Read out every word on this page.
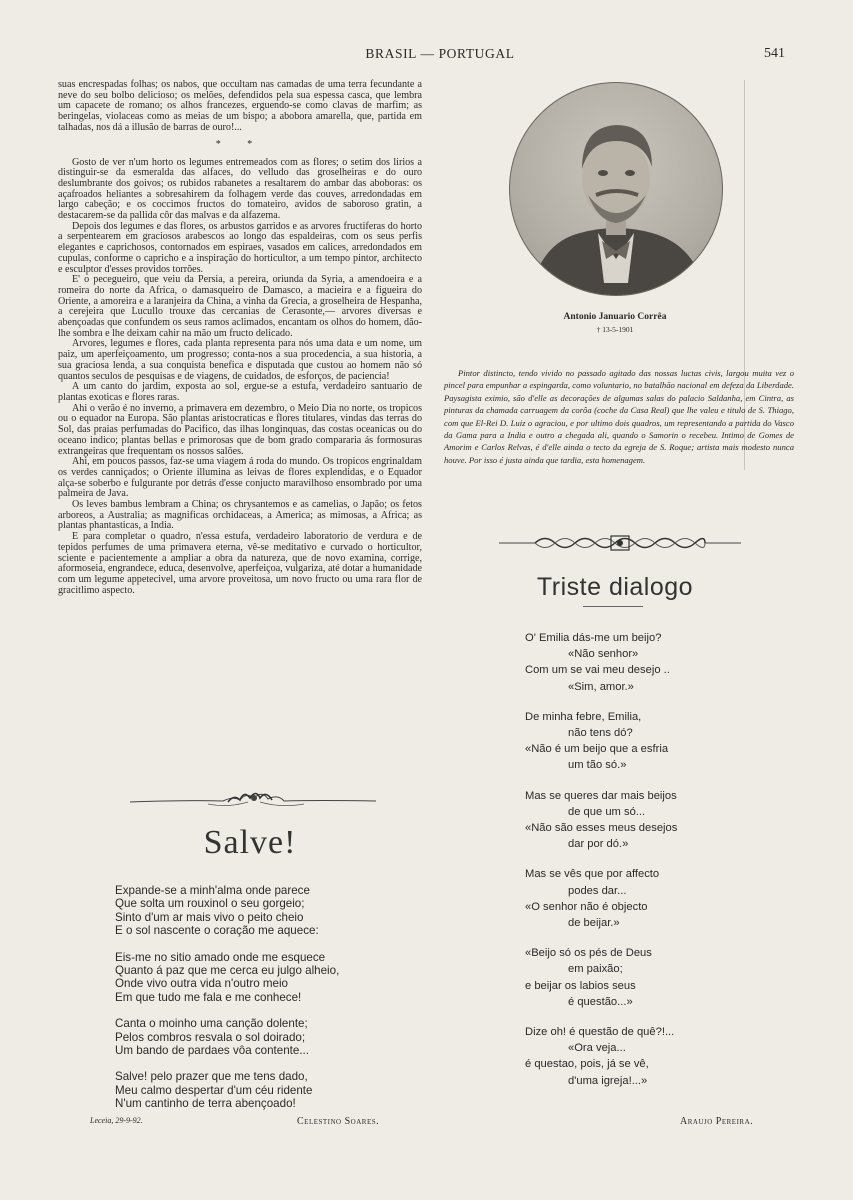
BRASIL — PORTUGAL	541

suas encrespadas folhas; os nabos, que occultam nas camadas de uma terra fecundante a neve do seu bolbo delicioso; os melões, defendidos pela sua espessa casca, que lembra um capacete de romano; os alhos francezes, erguendo-se como clavas de marfim; as beringelas, violaceas como as meias de um bispo; a abobora amarella, que, partida em talhadas, nos dá a illusão de barras de ouro!...

* *

Gosto de ver n'um horto os legumes entremeados com as flores; o setim dos lirios a distinguir-se da esmeralda das alfaces, do velludo das groselheiras e do ouro deslumbrante dos goivos; os rubidos rabanetes a resaltarem do ambar das aboboras: os açafroados heliantes a sobresahirem da folhagem verde das couves, arredondadas em largo cabeção; e os coccimos fructos do tomateiro, avidos de saboroso gratin, a destacarem-se da pallida côr das malvas e da alfazema.

Depois dos legumes e das flores, os arbustos garridos e as arvores fructiferas do horto a serpentearem em graciosos arabescos ao longo das espaldeiras, com os seus perfis elegantes e caprichosos, contornados em espiraes, vasados em calices, arredondados em cupulas, conforme o capricho e a inspiração do horticultor, a um tempo pintor, architecto e esculptor d'esses providos torrões.

E' o pecegueiro, que veiu da Persia, a pereira, oriunda da Syria, a amendoeira e a romeira do norte da Africa, o damasqueiro de Damasco, a macieira e a figueira do Oriente, a amoreira e a laranjeira da China, a vinha da Grecia, a groselheira de Hespanha, a cerejeira que Lucullo trouxe das cercanias de Cerasonte,— arvores diversas e abençoadas que confundem os seus ramos aclimados, encantam os olhos do homem, dão-lhe sombra e lhe deixam cahir na mão um fructo delicado.

Arvores, legumes e flores, cada planta representa para nós uma data e um nome, um paiz, um aperfeiçoamento, um progresso; conta-nos a sua procedencia, a sua historia, a sua graciosa lenda, a sua conquista benefica e disputada que custou ao homem não só quantos seculos de pesquisas e de viagens, de cuidados, de esforços, de paciencia!

A um canto do jardim, exposta ao sol, ergue-se a estufa, verdadeiro santuario de plantas exoticas e flores raras.

Ahi o verão é no inverno, a primavera em dezembro, o Meio Dia no norte, os tropicos ou o equador na Europa. São plantas aristocraticas e flores titulares, vindas das terras do Sol, das praias perfumadas do Pacifico, das ilhas longinquas, das costas oceanicas ou do oceano indico; plantas bellas e primorosas que de bom grado compararia ás formosuras extrangeiras que frequentam os nossos salões.

Ahi, em poucos passos, faz-se uma viagem á roda do mundo. Os tropicos engrinaldam os verdes canniçados; o Oriente illumina as leivas de flores explendidas, e o Equador alça-se soberbo e fulgurante por detrás d'esse conjucto maravilhoso ensombrado por uma palmeira de Java.

Os leves bambus lembram a China; os chrysantemos e as camelias, o Japão; os fetos arboreos, a Australia; as magnificas orchidaceas, a America; as mimosas, a Africa; as plantas phantasticas, a India.

E para completar o quadro, n'essa estufa, verdadeiro laboratorio de verdura e de tepidos perfumes de uma primavera eterna, vê-se meditativo e curvado o horticultor, sciente e pacientemente a ampliar a obra da natureza, que de novo examina, corrige, aformoseia, engrandece, educa, desenvolve, aperfeiçoa, vulgariza, até dotar a humanidade com um legume appetecivel, uma arvore proveitosa, um novo fructo ou uma rara flor de gracitlimo aspecto.

Salve!
Expande-se a minh'alma onde parece
Que solta um rouxinol o seu gorgeio;
Sinto d'um ar mais vivo o peito cheio
E o sol nascente o coração me aquece:
Eis-me no sitio amado onde me esquece
Quanto á paz que me cerca eu julgo alheio,
Onde vivo outra vida n'outro meio
Em que tudo me fala e me conhece!
Canta o moinho uma canção dolente;
Pelos combros resvala o sol doirado;
Um bando de pardaes vôa contente...
Salve! pelo prazer que me tens dado,
Meu calmo despertar d'um céu ridente
N'um cantinho de terra abençoado!
Leceia, 29-9-92.	Celestino Soares.
Antonio Januario Corrêa
† 13-5-1901

Pintor distincto, tendo vivido no passado agitado das nossas luctas civis, largou muita vez o pincel para empunhar a espingarda, como voluntario, no batalhão nacional em defeza da Liberdade. Paysagista eximio, são d'elle as decorações de algumas salas do palacio Saldanha, em Cintra, as pinturas da chamada carruagem da corôa (coche da Casa Real) que lhe valeu e titulo de S. Thiago, com que El-Rei D. Luiz o agraciou, e por ultimo dois quadros, um representando a partida do Vasco da Gama para a India e outro a chegada ali, quando o Samorin o recebeu. Intimo de Gomes de Amorim e Carlos Relvas, é d'elle ainda o tecto da egreja de S. Roque; artista mais modesto nunca houve. Por isso é justa ainda que tardia, esta homenagem.

Triste dialogo
O' Emilia dás-me um beijo?
«Não senhor»
Com um se vai meu desejo ..
«Sim, amor.»
De minha febre, Emilia,
não tens dó?
«Não é um beijo que a esfria
um tão só.»
Mas se queres dar mais beijos
de que um só...
«Não são esses meus desejos
dar por dó.»
Mas se vês que por affecto
podes dar...
«O senhor não é objecto
de beijar.»
«Beijo só os pés de Deus
em paixão;
e beijar os labios seus
é questão...»
Dize oh! é questão de quê?!...
«Ora veja...
é questao, pois, já se vê,
d'uma igreja!...»
Araujo Pereira.
